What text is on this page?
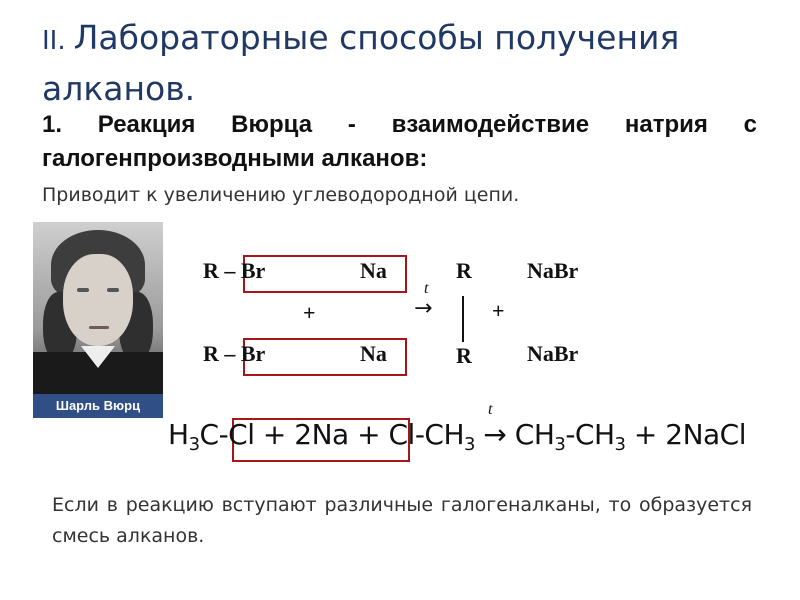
II. Лабораторные способы получения алканов.
1. Реакция Вюрца - взаимодействие натрия с галогенпроизводными алканов:
Приводит к увеличению углеводородной цепи.
Шарль Вюрц
R – Br	Na
+
R – Br	Na
t
→
R
R
+
NaBr
NaBr
t
$H_3C-Cl + 2Na + Cl-CH_3 \to CH_3-CH_3$ + 2NaCl
Если в реакцию вступают различные галогеналканы, то образуется смесь алканов.
